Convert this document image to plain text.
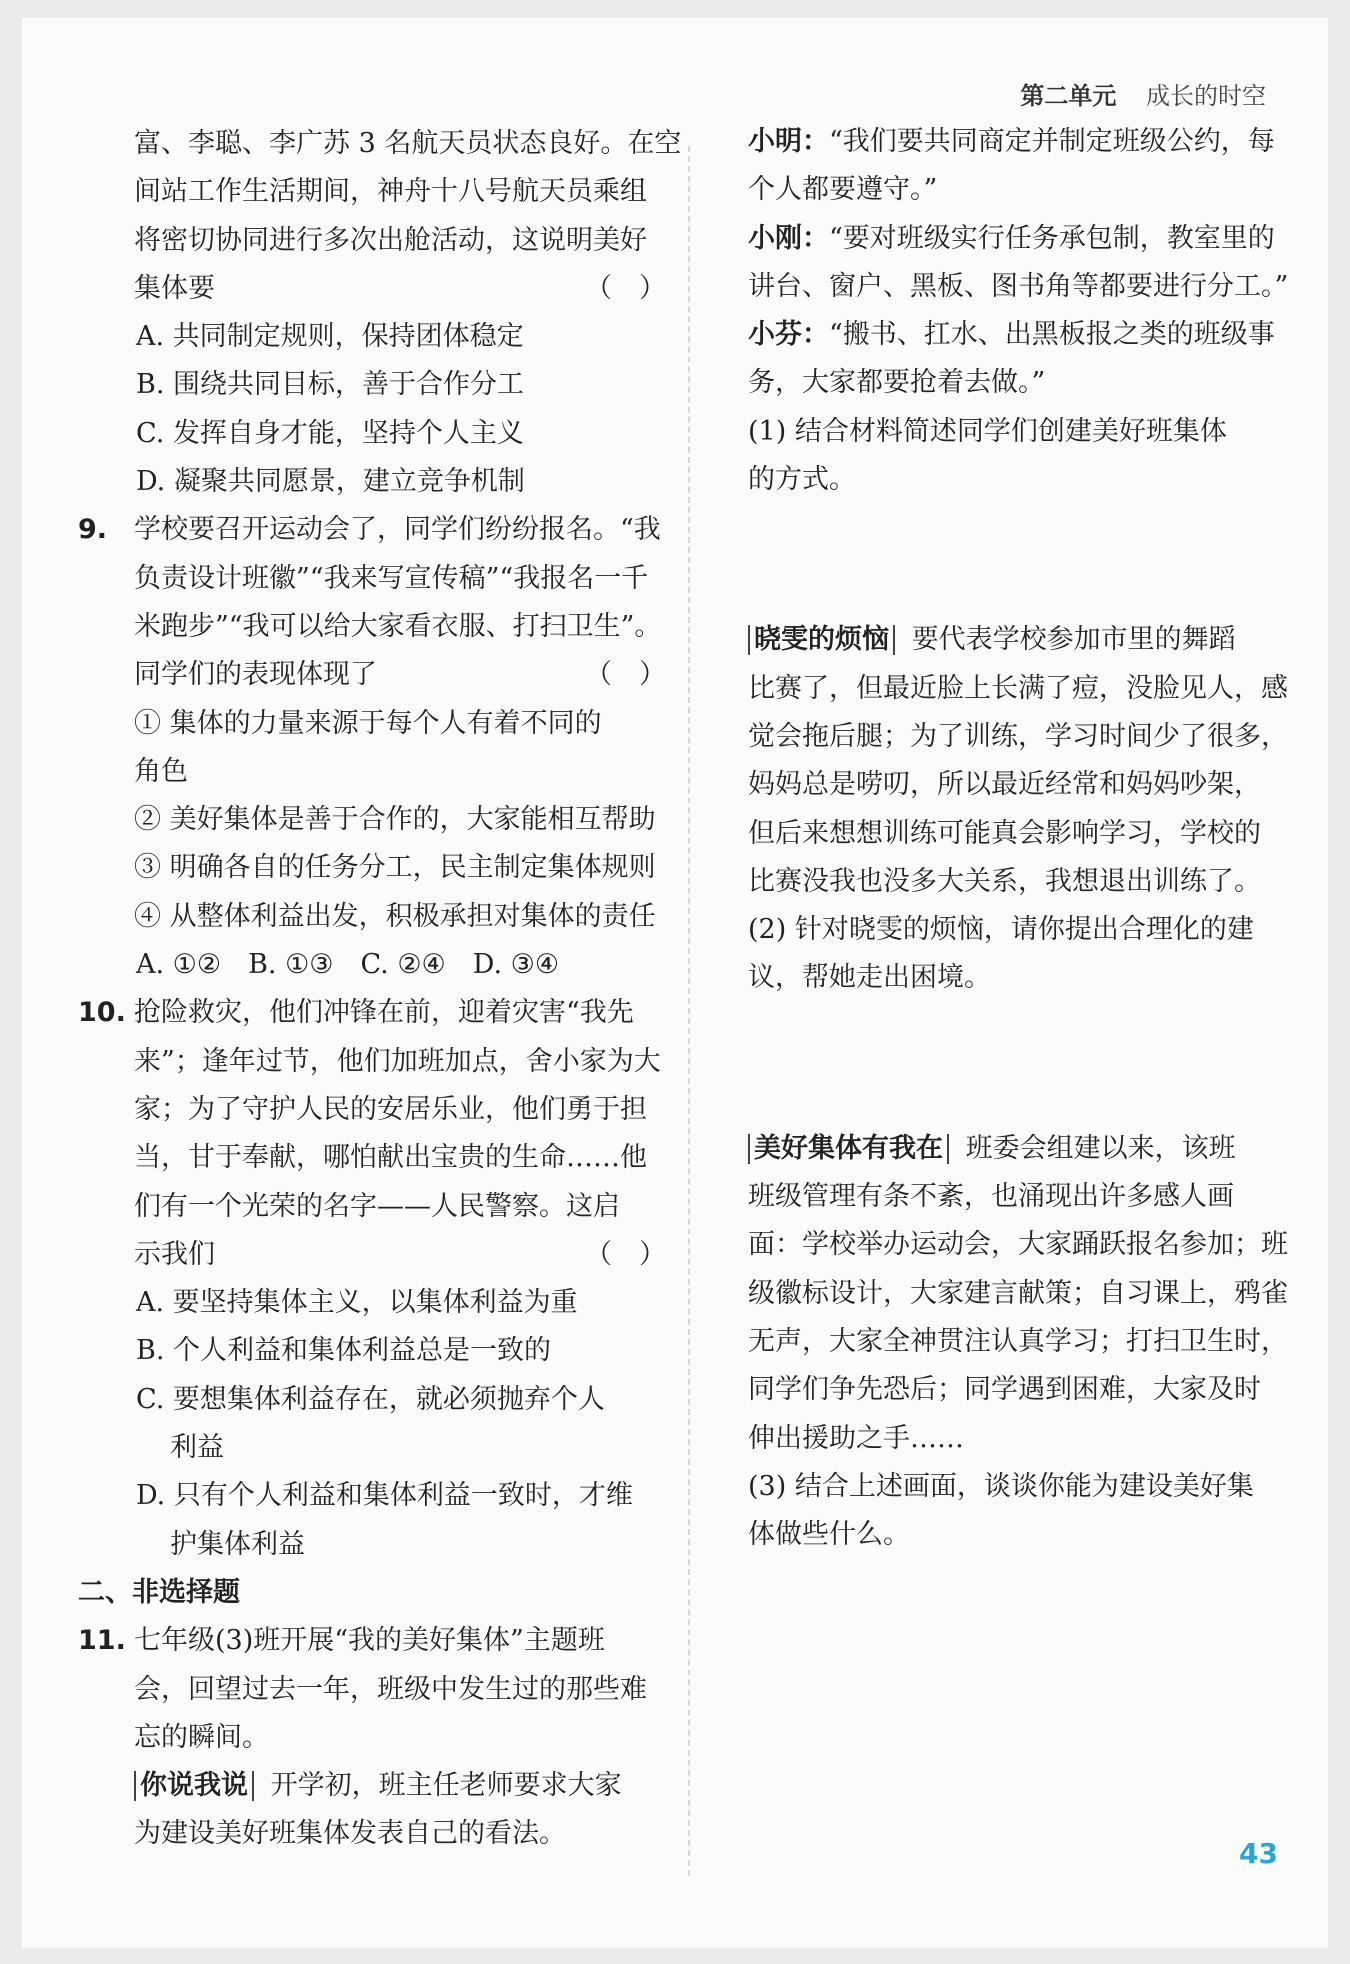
第二单元 成长的时空
富、李聪、李广苏 3 名航天员状态良好。在空
间站工作生活期间，神舟十八号航天员乘组
将密切协同进行多次出舱活动，这说明美好
集体要	（　）
A. 共同制定规则，保持团体稳定
B. 围绕共同目标，善于合作分工
C. 发挥自身才能，坚持个人主义
D. 凝聚共同愿景，建立竞争机制
9. 学校要召开运动会了，同学们纷纷报名。“我
负责设计班徽”“我来写宣传稿”“我报名一千
米跑步”“我可以给大家看衣服、打扫卫生”。
同学们的表现体现了	（　）
① 集体的力量来源于每个人有着不同的
角色
② 美好集体是善于合作的，大家能相互帮助
③ 明确各自的任务分工，民主制定集体规则
④ 从整体利益出发，积极承担对集体的责任
A. ①②　B. ①③　C. ②④　D. ③④
10. 抢险救灾，他们冲锋在前，迎着灾害“我先
来”；逢年过节，他们加班加点，舍小家为大
家；为了守护人民的安居乐业，他们勇于担
当，甘于奉献，哪怕献出宝贵的生命……他
们有一个光荣的名字——人民警察。这启
示我们	（　）
A. 要坚持集体主义，以集体利益为重
B. 个人利益和集体利益总是一致的
C. 要想集体利益存在，就必须抛弃个人
利益
D. 只有个人利益和集体利益一致时，才维
护集体利益
二、非选择题
11. 七年级(3)班开展“我的美好集体”主题班
会，回望过去一年，班级中发生过的那些难
忘的瞬间。
你说我说 开学初，班主任老师要求大家
为建设美好班集体发表自己的看法。
小明：“我们要共同商定并制定班级公约，每
个人都要遵守。”
小刚：“要对班级实行任务承包制，教室里的
讲台、窗户、黑板、图书角等都要进行分工。”
小芬：“搬书、扛水、出黑板报之类的班级事
务，大家都要抢着去做。”
(1) 结合材料简述同学们创建美好班集体
的方式。
晓雯的烦恼 要代表学校参加市里的舞蹈
比赛了，但最近脸上长满了痘，没脸见人，感
觉会拖后腿；为了训练，学习时间少了很多，
妈妈总是唠叨，所以最近经常和妈妈吵架，
但后来想想训练可能真会影响学习，学校的
比赛没我也没多大关系，我想退出训练了。
(2) 针对晓雯的烦恼，请你提出合理化的建
议，帮她走出困境。
美好集体有我在 班委会组建以来，该班
班级管理有条不紊，也涌现出许多感人画
面：学校举办运动会，大家踊跃报名参加；班
级徽标设计，大家建言献策；自习课上，鸦雀
无声，大家全神贯注认真学习；打扫卫生时，
同学们争先恐后；同学遇到困难，大家及时
伸出援助之手……
(3) 结合上述画面，谈谈你能为建设美好集
体做些什么。
43
